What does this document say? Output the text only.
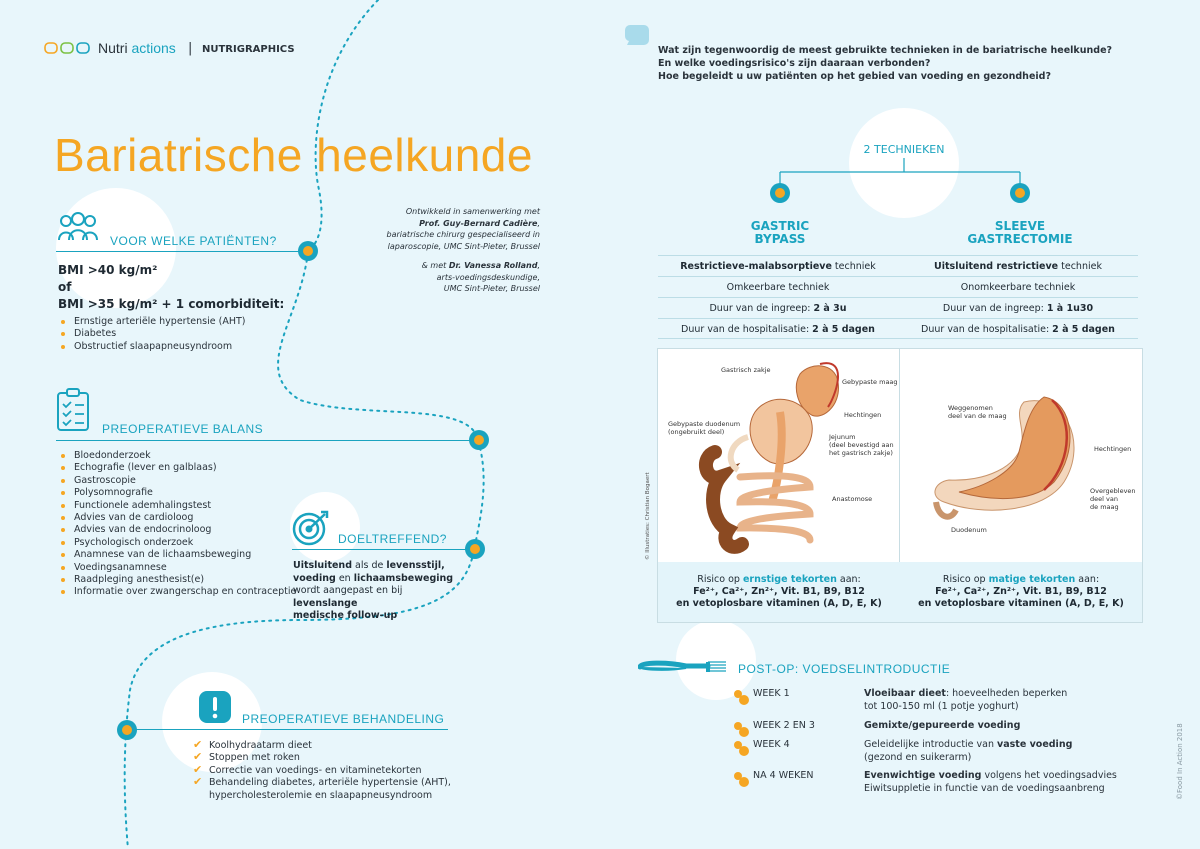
Nutri actions | NUTRIGRAPHICS
Bariatrische heelkunde
Ontwikkeld in samenwerking met
Prof. Guy-Bernard Cadière,
bariatrische chirurg gespecialiseerd in
laparoscopie, UMC Sint-Pieter, Brussel
& met Dr. Vanessa Rolland,
arts-voedingsdeskundige,
UMC Sint-Pieter, Brussel
VOOR WELKE PATIËNTEN?
BMI >40 kg/m²
of
BMI >35 kg/m² + 1 comorbiditeit:
Ernstige arteriële hypertensie (AHT)
Diabetes
Obstructief slaapapneusyndroom
PREOPERATIEVE BALANS
Bloedonderzoek
Echografie (lever en galblaas)
Gastroscopie
Polysomnografie
Functionele ademhalingstest
Advies van de cardioloog
Advies van de endocrinoloog
Psychologisch onderzoek
Anamnese van de lichaamsbeweging
Voedingsanamnese
Raadpleging anesthesist(e)
Informatie over zwangerschap en contraceptie
DOELTREFFEND?
Uitsluitend als de levensstijl,
voeding en lichaamsbeweging
wordt aangepast en bij levenslange
medische follow-up
PREOPERATIEVE BEHANDELING
✔ Koolhydraatarm dieet
✔ Stoppen met roken
✔ Correctie van voedings- en vitaminetekorten
✔ Behandeling diabetes, arteriële hypertensie (AHT),
hypercholesterolemie en slaapapneusyndroom
Wat zijn tegenwoordig de meest gebruikte technieken in de bariatrische heelkunde?
En welke voedingsrisico's zijn daaraan verbonden?
Hoe begeleidt u uw patiënten op het gebied van voeding en gezondheid?
2 TECHNIEKEN
GASTRIC
BYPASS
SLEEVE
GASTRECTOMIE
Restrictieve-malabsorptieve techniek	Uitsluitend restrictieve techniek
Omkeerbare techniek	Onomkeerbare techniek
Duur van de ingreep: 2 à 3u	Duur van de ingreep: 1 à 1u30
Duur van de hospitalisatie: 2 à 5 dagen	Duur van de hospitalisatie: 2 à 5 dagen
Gastrisch zakje
Gebypaste maag
Hechtingen
Gebypaste duodenum
(ongebruikt deel)
Jejunum
(deel bevestigd aan
het gastrisch zakje)
Anastomose
© Illustraties: Christian Bogaert
Weggenomen
deel van de maag
Hechtingen
Overgebleven
deel van
de maag
Duodenum
Risico op ernstige tekorten aan:
Fe²⁺, Ca²⁺, Zn²⁺, Vit. B1, B9, B12
en vetoplosbare vitaminen (A, D, E, K)
Risico op matige tekorten aan:
Fe²⁺, Ca²⁺, Zn²⁺, Vit. B1, B9, B12
en vetoplosbare vitaminen (A, D, E, K)
POST-OP: VOEDSELINTRODUCTIE
WEEK 1	Vloeibaar dieet: hoeveelheden beperken
tot 100-150 ml (1 potje yoghurt)
WEEK 2 EN 3	Gemixte/gepureerde voeding
WEEK 4	Geleidelijke introductie van vaste voeding
(gezond en suikerarm)
NA 4 WEKEN	Evenwichtige voeding volgens het voedingsadvies
Eiwitsuppletie in functie van de voedingsaanbreng	©Food In Action 2018
